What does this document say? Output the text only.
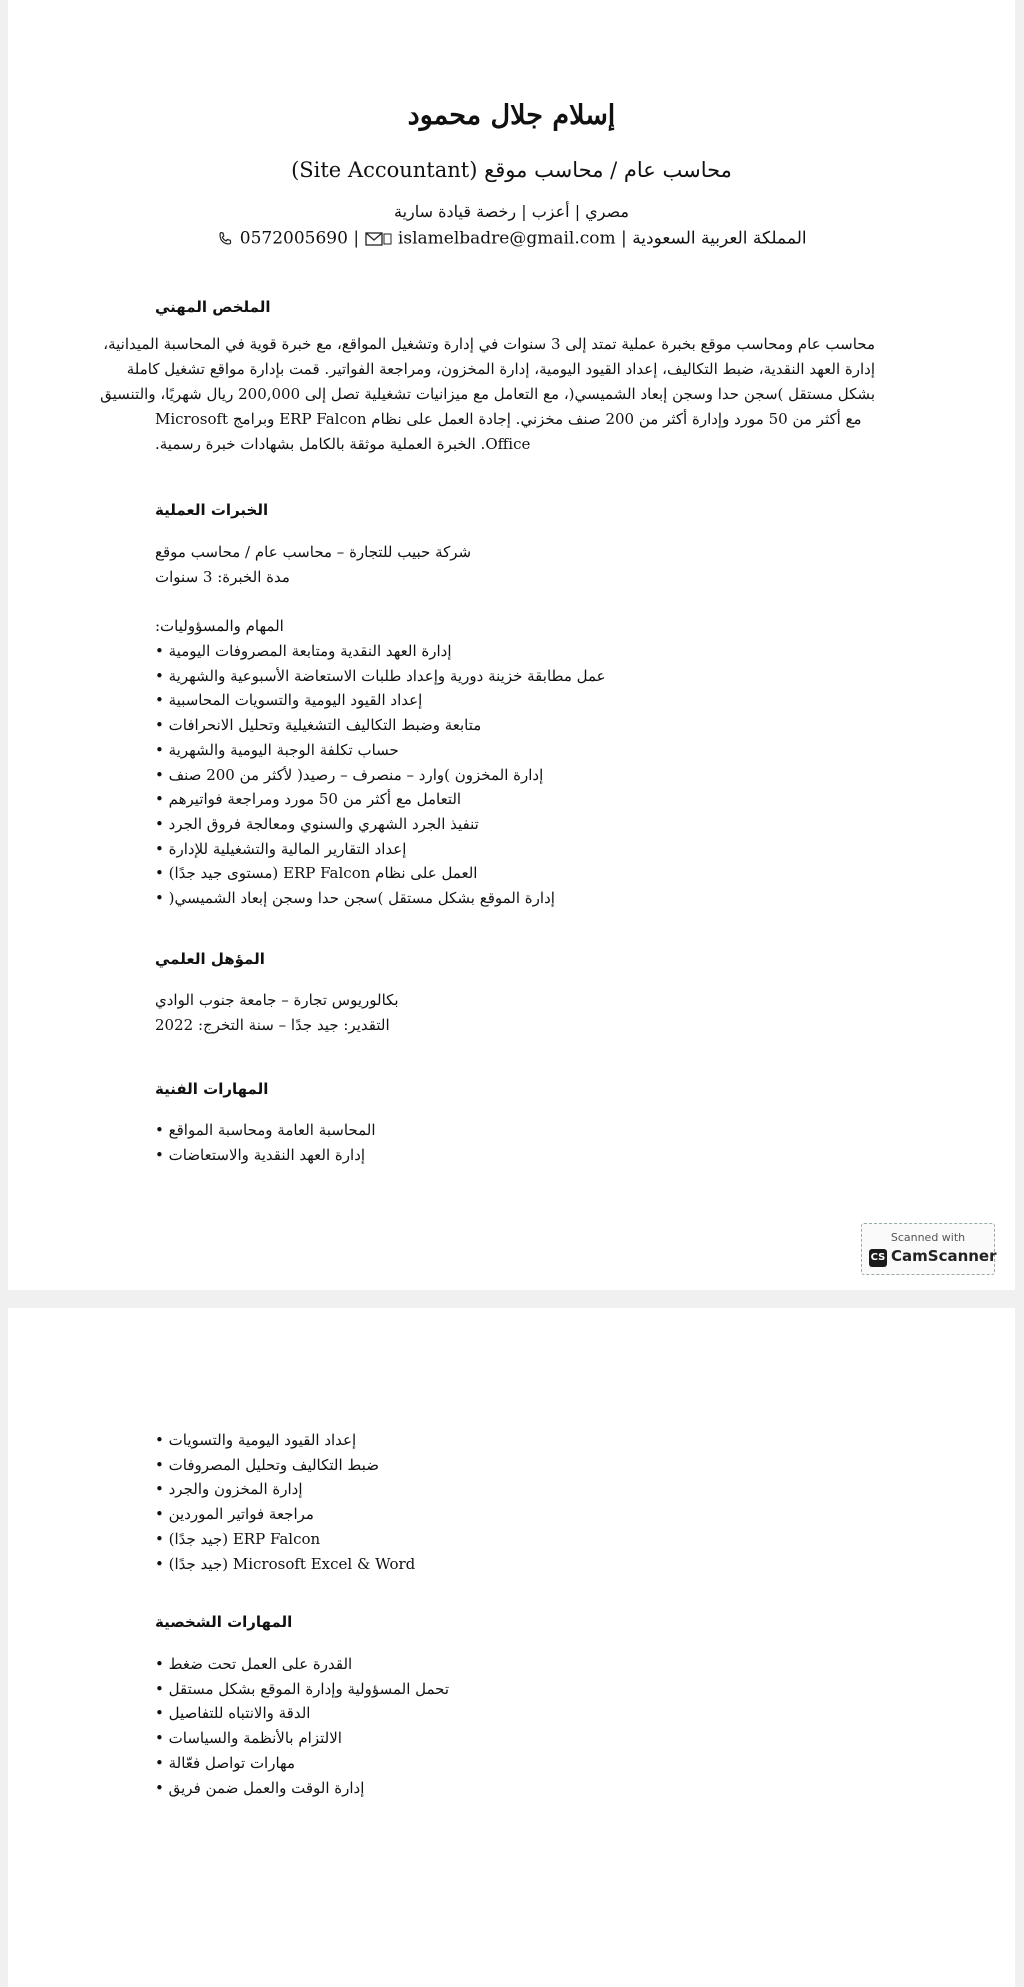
إسلام جلال محمود
(Site Accountant) محاسب عام / محاسب موقع
مصري | أعزب | رخصة قيادة سارية
0572005690 |  islamelbadre@gmail.com | المملكة العربية السعودية
الملخص المهني
محاسب عام ومحاسب موقع بخبرة عملية تمتد إلى 3 سنوات في إدارة وتشغيل المواقع، مع خبرة قوية في المحاسبة الميدانية،
إدارة العهد النقدية، ضبط التكاليف، إعداد القيود اليومية، إدارة المخزون، ومراجعة الفواتير. قمت بإدارة مواقع تشغيل كاملة
بشكل مستقل )سجن حدا وسجن إبعاد الشميسي(، مع التعامل مع ميزانيات تشغيلية تصل إلى 200,000 ريال شهريًا، والتنسيق
مع أكثر من 50 مورد وإدارة أكثر من 200 صنف مخزني. إجادة العمل على نظام ERP Falcon وبرامج Microsoft
Office. الخبرة العملية موثقة بالكامل بشهادات خبرة رسمية.
الخبرات العملية
شركة حبيب للتجارة – محاسب عام / محاسب موقع
مدة الخبرة: 3 سنوات
المهام والمسؤوليات:
إدارة العهد النقدية ومتابعة المصروفات اليومية •
عمل مطابقة خزينة دورية وإعداد طلبات الاستعاضة الأسبوعية والشهرية •
إعداد القيود اليومية والتسويات المحاسبية •
متابعة وضبط التكاليف التشغيلية وتحليل الانحرافات •
حساب تكلفة الوجبة اليومية والشهرية •
إدارة المخزون )وارد – منصرف – رصيد( لأكثر من 200 صنف •
التعامل مع أكثر من 50 مورد ومراجعة فواتيرهم •
تنفيذ الجرد الشهري والسنوي ومعالجة فروق الجرد •
إعداد التقارير المالية والتشغيلية للإدارة •
العمل على نظام ERP Falcon (مستوى جيد جدًا) •
إدارة الموقع بشكل مستقل )سجن حدا وسجن إبعاد الشميسي( •
المؤهل العلمي
بكالوريوس تجارة – جامعة جنوب الوادي
التقدير: جيد جدًا – سنة التخرج: 2022
المهارات الفنية
المحاسبة العامة ومحاسبة المواقع •
إدارة العهد النقدية والاستعاضات •
Scanned with
CS CamScanner
إعداد القيود اليومية والتسويات •
ضبط التكاليف وتحليل المصروفات •
إدارة المخزون والجرد •
مراجعة فواتير الموردين •
ERP Falcon (جيد جدًا) •
Microsoft Excel & Word (جيد جدًا) •
المهارات الشخصية
القدرة على العمل تحت ضغط •
تحمل المسؤولية وإدارة الموقع بشكل مستقل •
الدقة والانتباه للتفاصيل •
الالتزام بالأنظمة والسياسات •
مهارات تواصل فعّالة •
إدارة الوقت والعمل ضمن فريق •
